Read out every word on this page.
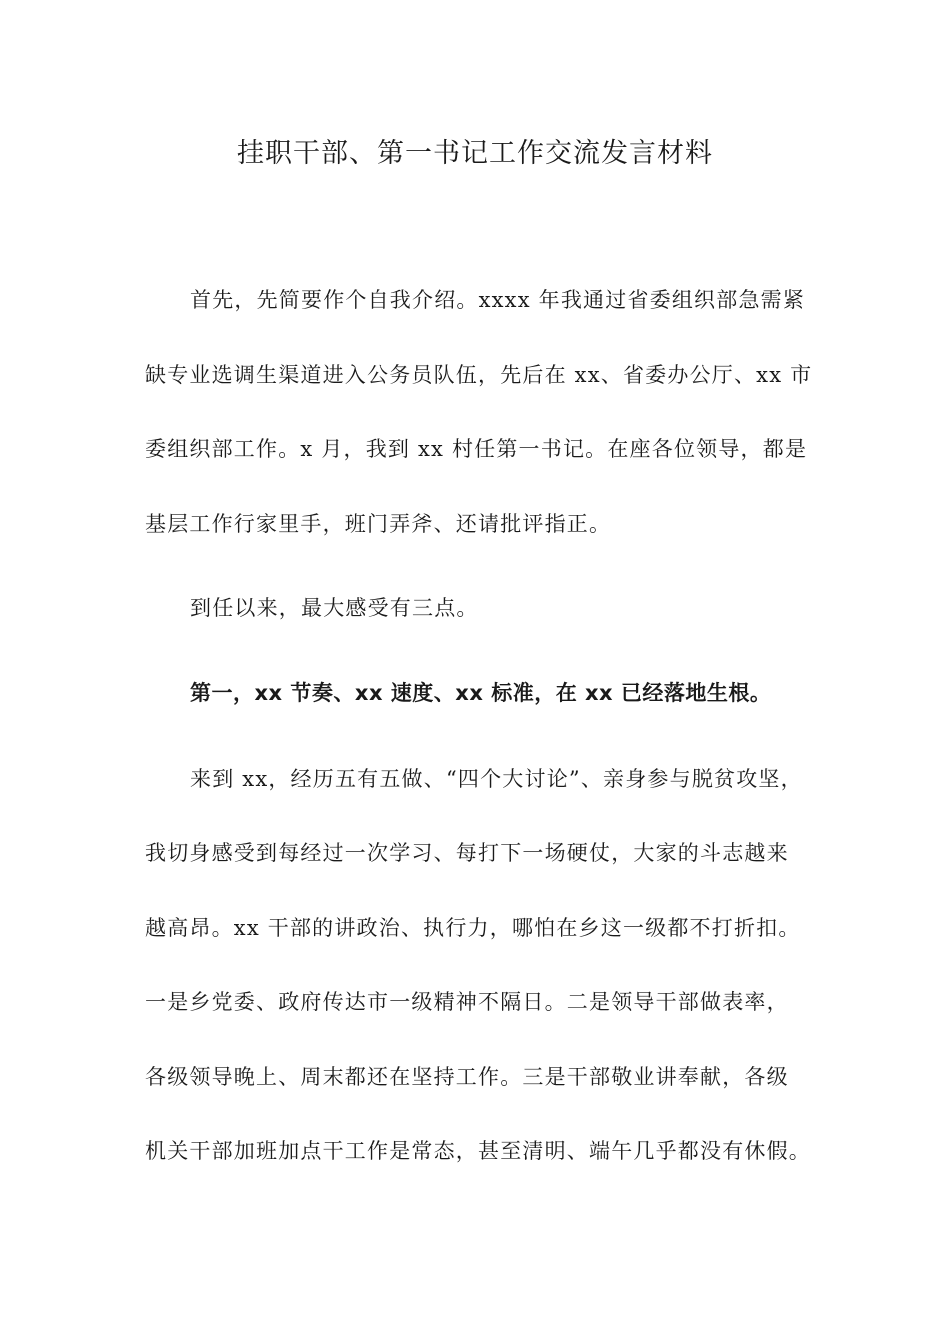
挂职干部、第一书记工作交流发言材料
首先，先简要作个自我介绍。xxxx 年我通过省委组织部急需紧
缺专业选调生渠道进入公务员队伍，先后在 xx、省委办公厅、xx 市
委组织部工作。x 月，我到 xx 村任第一书记。在座各位领导，都是
基层工作行家里手，班门弄斧、还请批评指正。
到任以来，最大感受有三点。
第一，xx 节奏、xx 速度、xx 标准，在 xx 已经落地生根。
来到 xx，经历五有五做、“四个大讨论”、亲身参与脱贫攻坚，
我切身感受到每经过一次学习、每打下一场硬仗，大家的斗志越来
越高昂。xx 干部的讲政治、执行力，哪怕在乡这一级都不打折扣。
一是乡党委、政府传达市一级精神不隔日。二是领导干部做表率，
各级领导晚上、周末都还在坚持工作。三是干部敬业讲奉献，各级
机关干部加班加点干工作是常态，甚至清明、端午几乎都没有休假。
